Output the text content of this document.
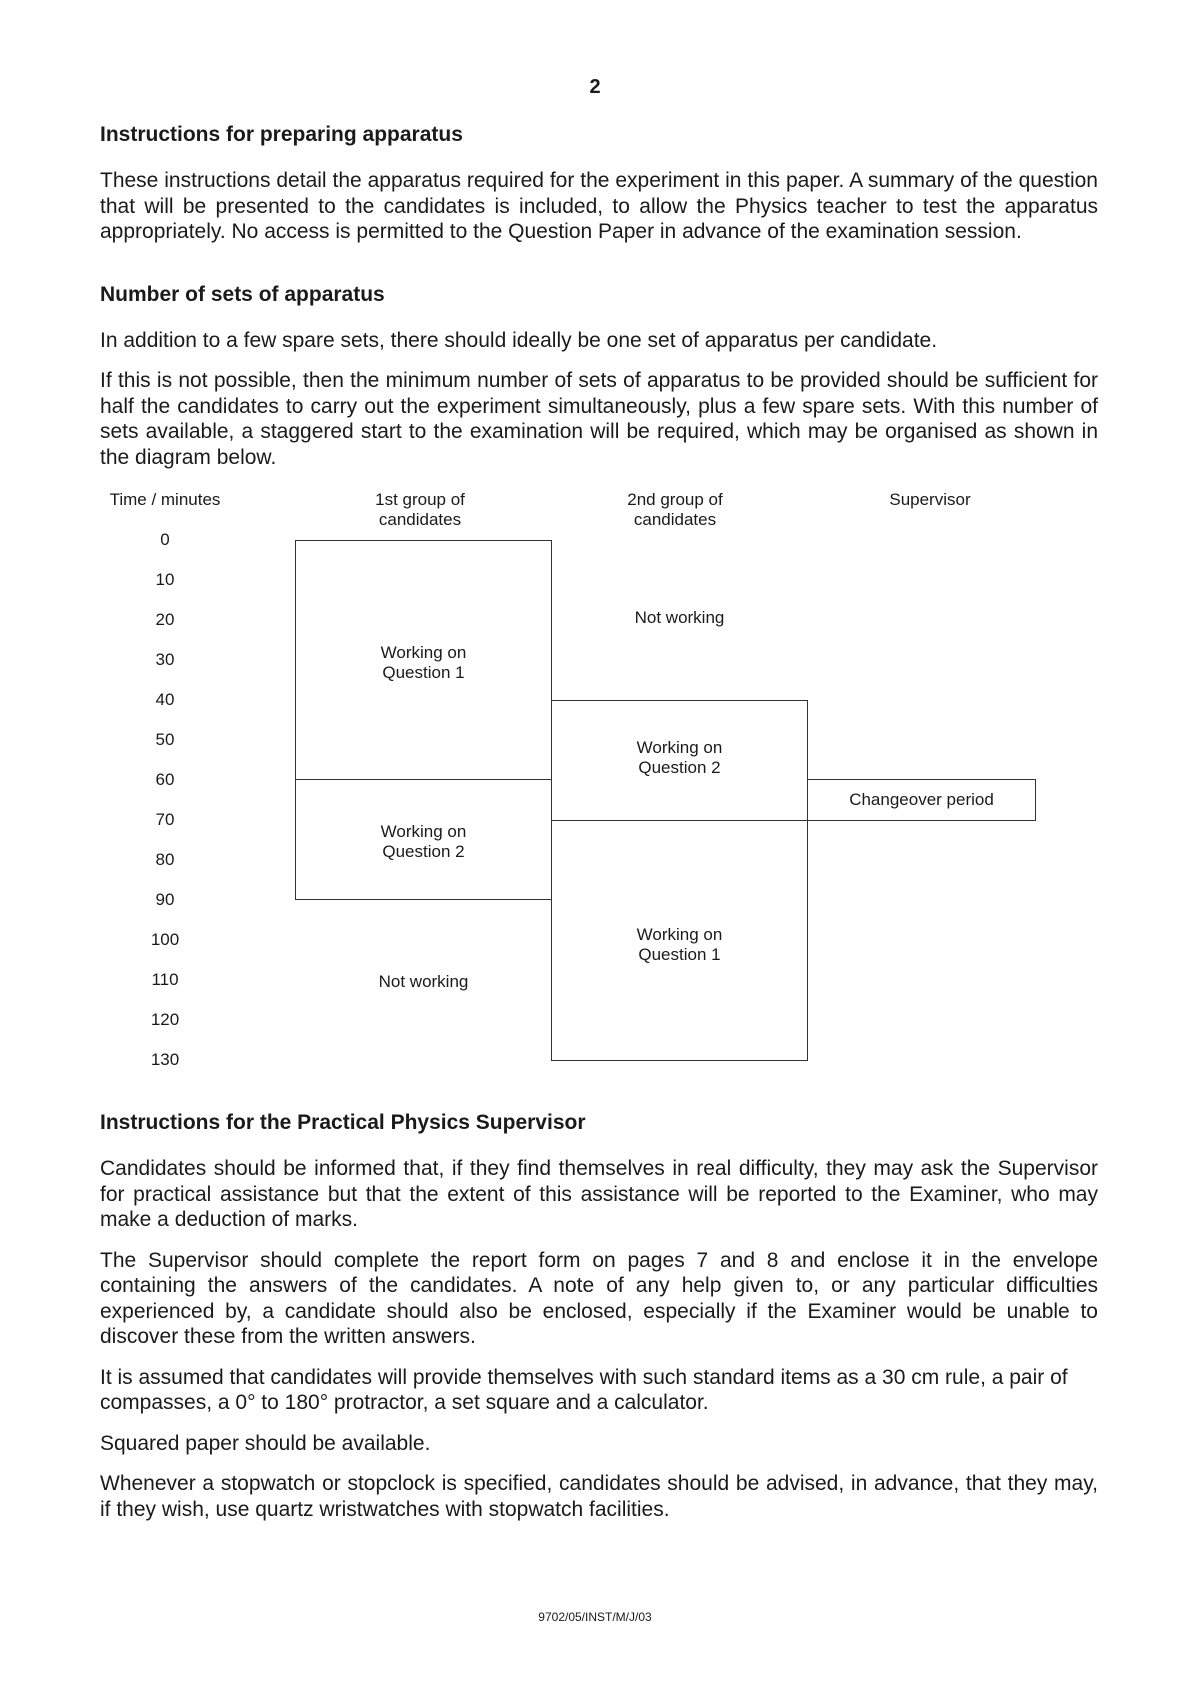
2
Instructions for preparing apparatus

These instructions detail the apparatus required for the experiment in this paper. A summary of the question that will be presented to the candidates is included, to allow the Physics teacher to test the apparatus appropriately. No access is permitted to the Question Paper in advance of the examination session.

Number of sets of apparatus

In addition to a few spare sets, there should ideally be one set of apparatus per candidate.

If this is not possible, then the minimum number of sets of apparatus to be provided should be sufficient for half the candidates to carry out the experiment simultaneously, plus a few spare sets. With this number of sets available, a staggered start to the examination will be required, which may be organised as shown in the diagram below.

Time / minutes	1st group of
candidates
2nd group of
candidates
Supervisor
0
10
20
30
40
50
60
70
80
90
100
110
120
130
Working on
Question 1
Working on
Question 2
Not working
Not working
Working on
Question 2
Working on
Question 1
Changeover period
Instructions for the Practical Physics Supervisor

Candidates should be informed that, if they find themselves in real difficulty, they may ask the Supervisor for practical assistance but that the extent of this assistance will be reported to the Examiner, who may make a deduction of marks.

The Supervisor should complete the report form on pages 7 and 8 and enclose it in the envelope containing the answers of the candidates. A note of any help given to, or any particular difficulties experienced by, a candidate should also be enclosed, especially if the Examiner would be unable to discover these from the written answers.

It is assumed that candidates will provide themselves with such standard items as a 30 cm rule, a pair of compasses, a 0° to 180° protractor, a set square and a calculator.

Squared paper should be available.

Whenever a stopwatch or stopclock is specified, candidates should be advised, in advance, that they may, if they wish, use quartz wristwatches with stopwatch facilities.

9702/05/INST/M/J/03
